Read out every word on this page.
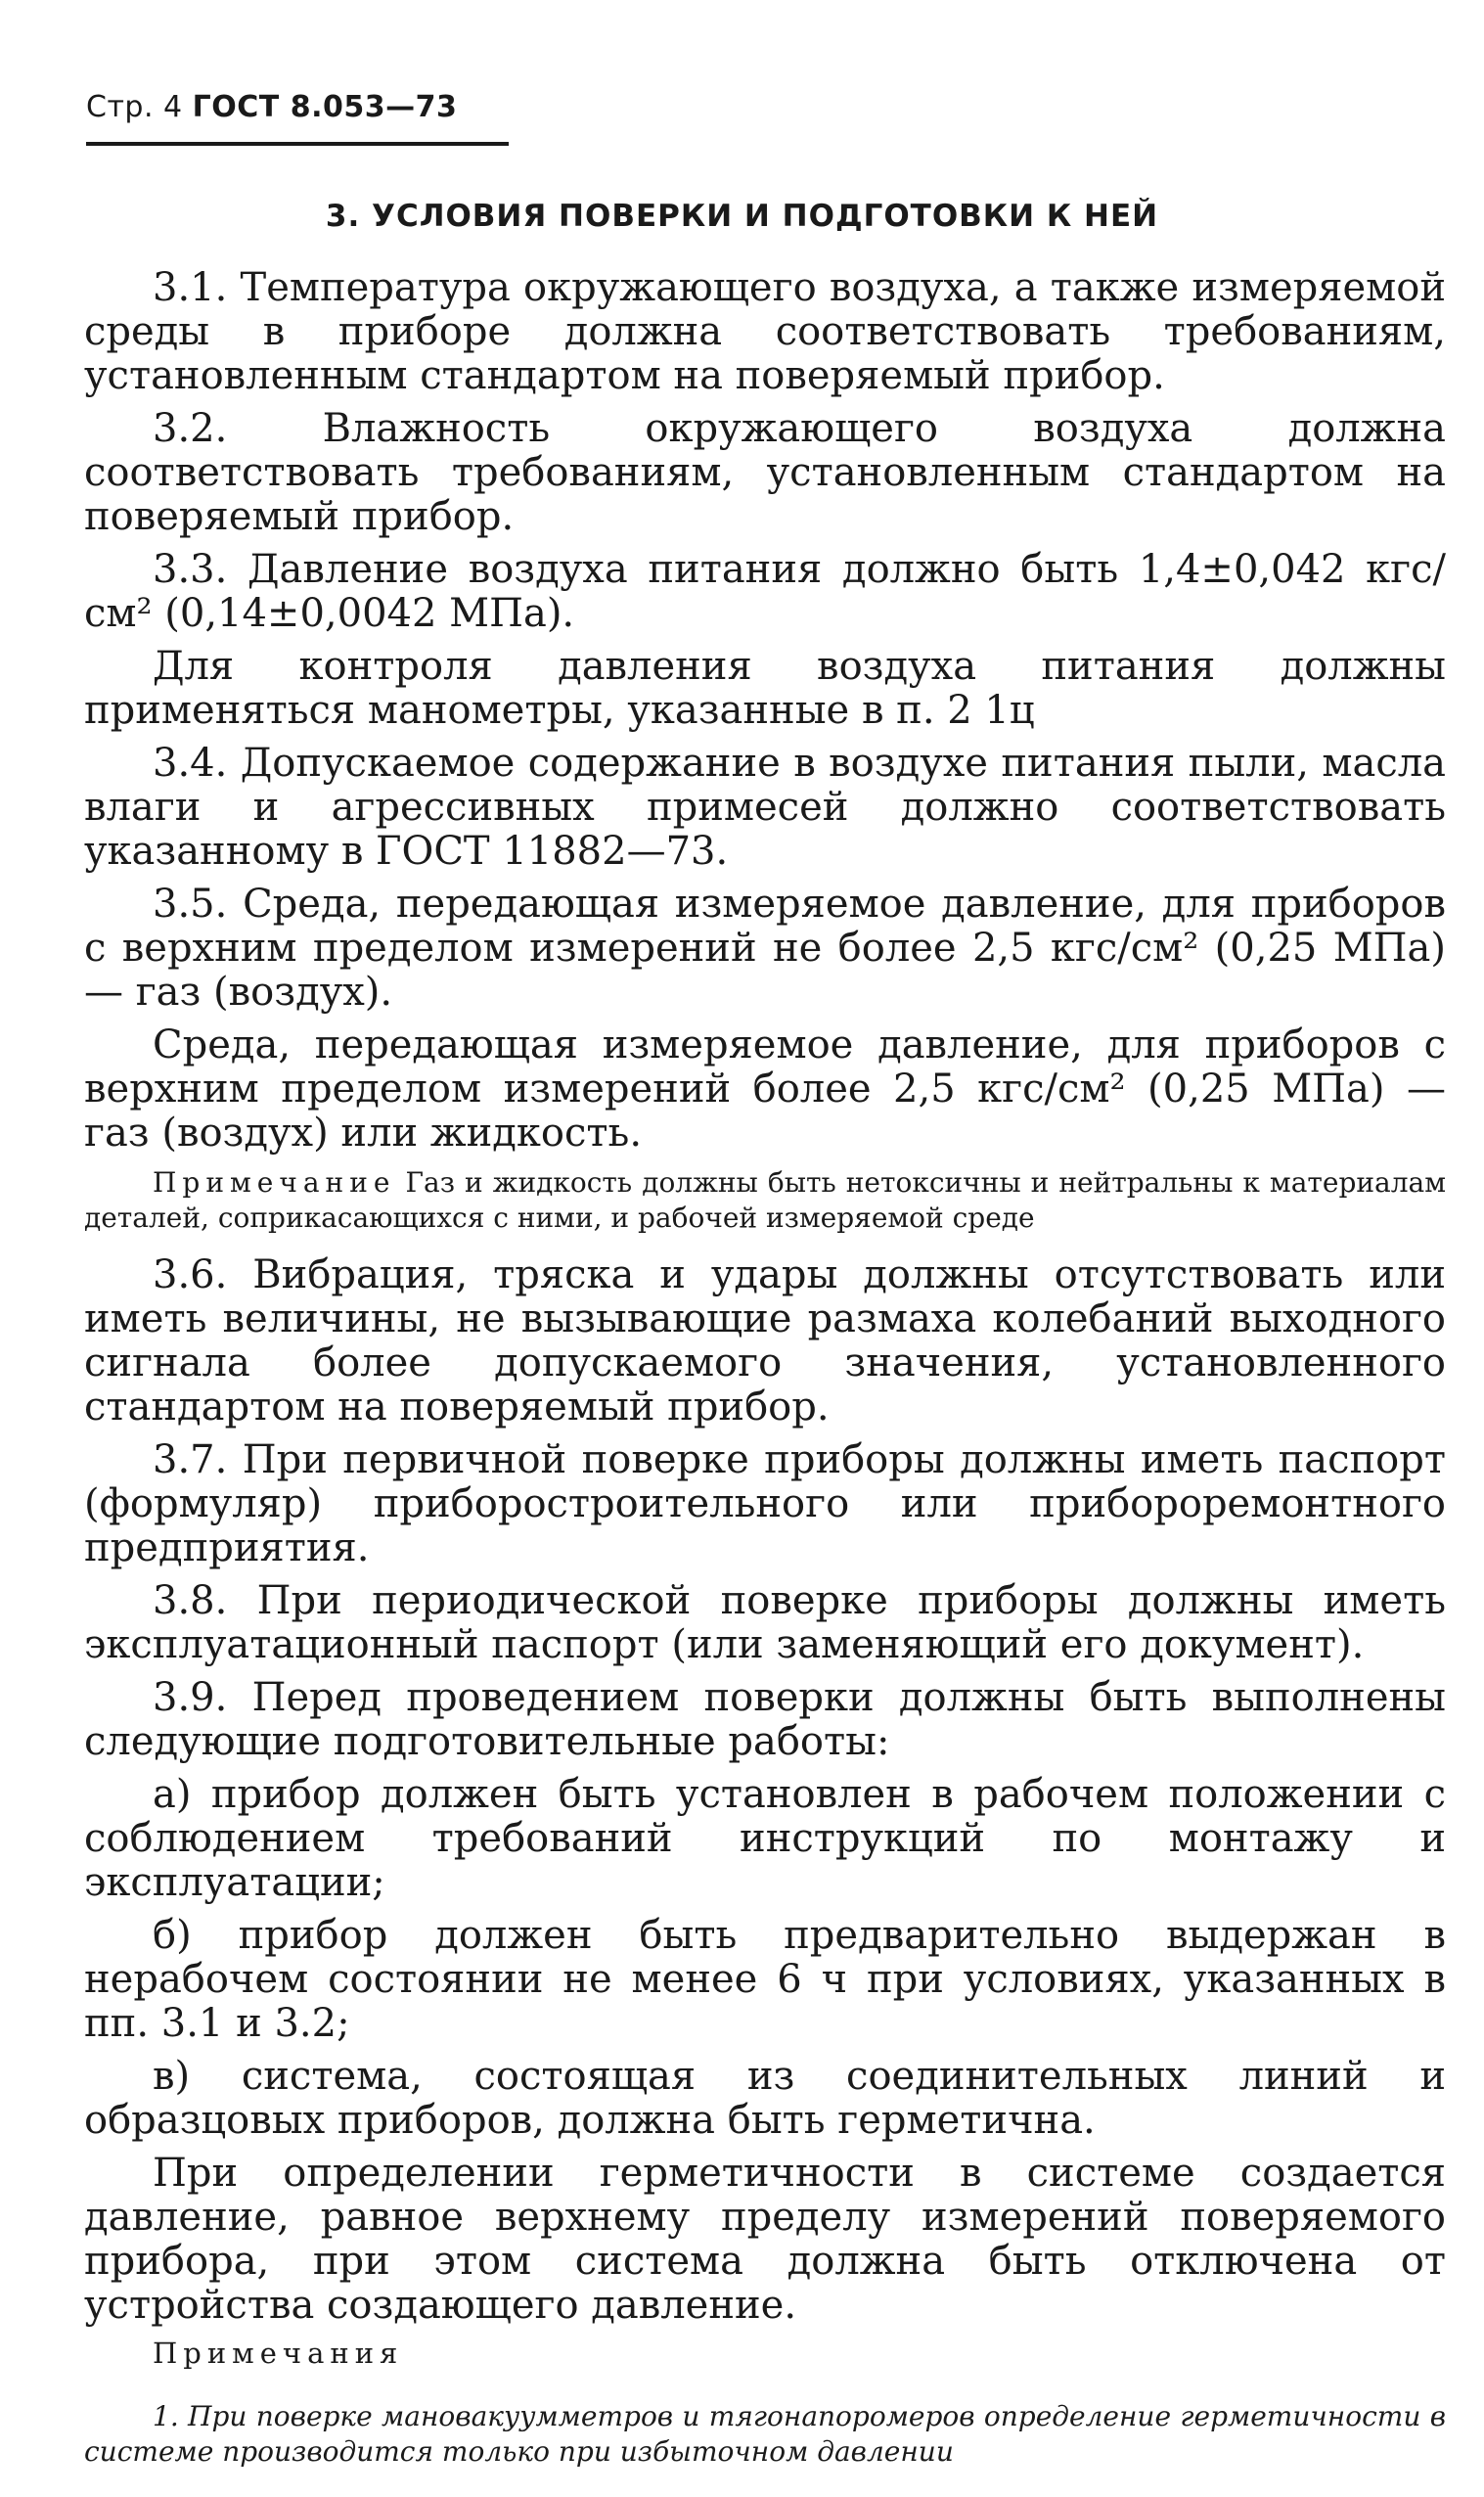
Стр. 4 ГОСТ 8.053—73
3. УСЛОВИЯ ПОВЕРКИ И ПОДГОТОВКИ К НЕЙ

3.1. Температура окружающего воздуха, а также измеряемой среды в приборе должна соответствовать требованиям, установленным стандартом на поверяемый прибор.

3.2. Влажность окружающего воздуха должна соответствовать требованиям, установленным стандартом на поверяемый прибор.

3.3. Давление воздуха питания должно быть 1,4±0,042 кгс/см² (0,14±0,0042 МПа).

Для контроля давления воздуха питания должны применяться манометры, указанные в п. 2 1ц

3.4. Допускаемое содержание в воздухе питания пыли, масла влаги и агрессивных примесей должно соответствовать указанному в ГОСТ 11882—73.

3.5. Среда, передающая измеряемое давление, для приборов с верхним пределом измерений не более 2,5 кгс/см² (0,25 МПа) — газ (воздух).

Среда, передающая измеряемое давление, для приборов с верхним пределом измерений более 2,5 кгс/см² (0,25 МПа) — газ (воздух) или жидкость.

Примечание Газ и жидкость должны быть нетоксичны и нейтральны к материалам деталей, соприкасающихся с ними, и рабочей измеряемой среде

3.6. Вибрация, тряска и удары должны отсутствовать или иметь величины, не вызывающие размаха колебаний выходного сигнала более допускаемого значения, установленного стандартом на поверяемый прибор.

3.7. При первичной поверке приборы должны иметь паспорт (формуляр) приборостроительного или прибороремонтного предприятия.

3.8. При периодической поверке приборы должны иметь эксплуатационный паспорт (или заменяющий его документ).

3.9. Перед проведением поверки должны быть выполнены следующие подготовительные работы:

а) прибор должен быть установлен в рабочем положении с соблюдением требований инструкций по монтажу и эксплуатации;

б) прибор должен быть предварительно выдержан в нерабочем состоянии не менее 6 ч при условиях, указанных в пп. 3.1 и 3.2;

в) система, состоящая из соединительных линий и образцовых приборов, должна быть герметична.

При определении герметичности в системе создается давление, равное верхнему пределу измерений поверяемого прибора, при этом система должна быть отключена от устройства создающего давление.

Примечания

1. При поверке мановакуумметров и тягонапоромеров определение герметичности в системе производится только при избыточном давлении
